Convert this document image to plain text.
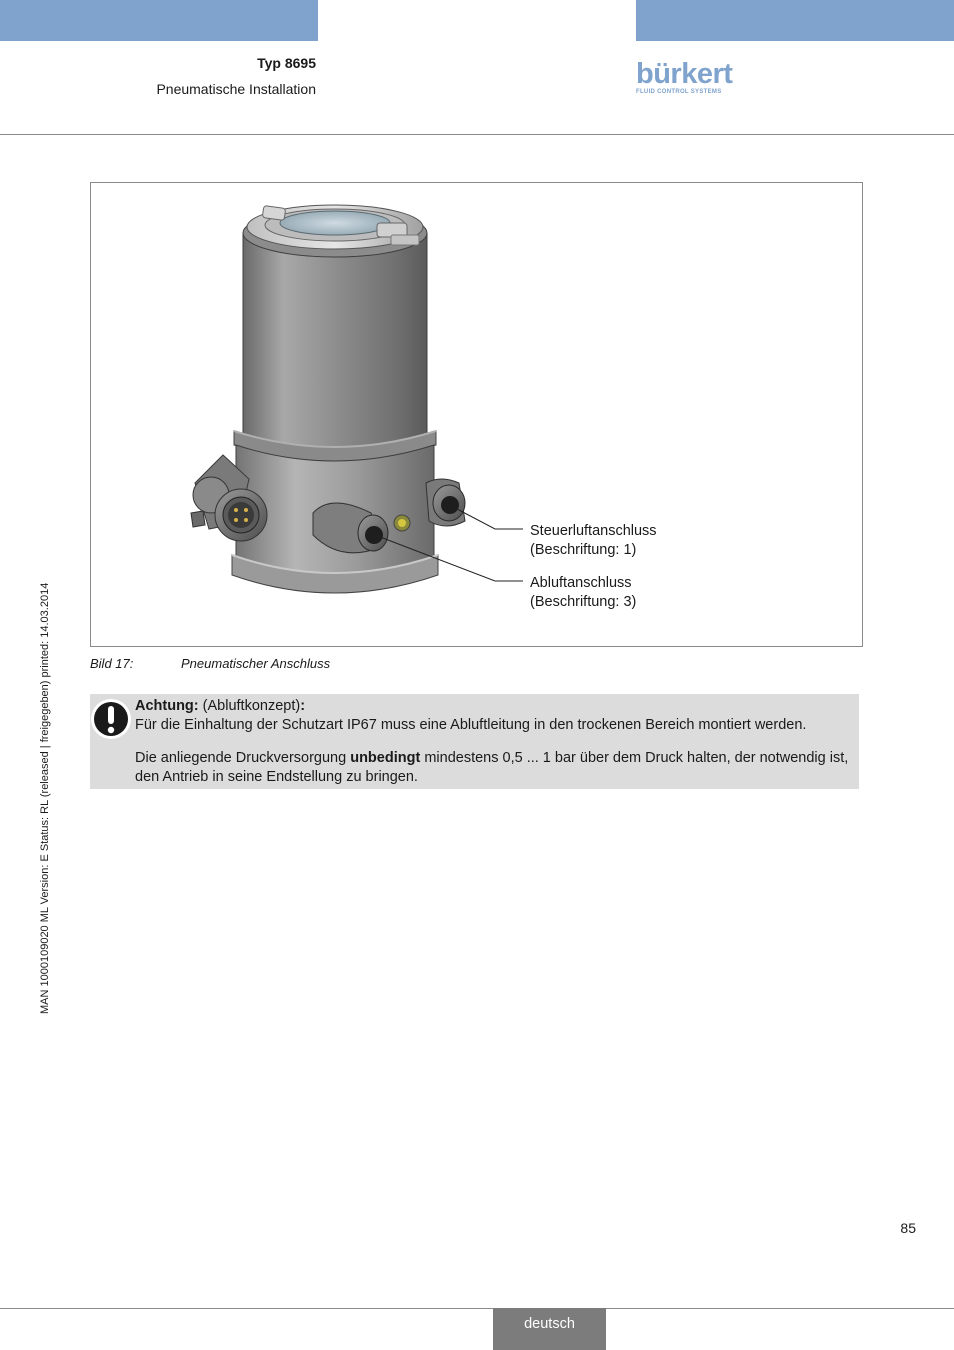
Typ 8695
Pneumatische Installation	bürkert
FLUID CONTROL SYSTEMS
MAN 1000109020 ML Version: E Status: RL (released | freigegeben) printed: 14.03.2014
Steuerluftanschluss
(Beschriftung: 1)
Abluftanschluss
(Beschriftung: 3)
Bild 17:	Pneumatischer Anschluss

Achtung: (Abluftkonzept):
Für die Einhaltung der Schutzart IP67 muss eine Abluftleitung in den trockenen Bereich montiert werden.

Die anliegende Druckversorgung unbedingt mindestens 0,5 ... 1 bar über dem Druck halten, der notwendig ist, den Antrieb in seine Endstellung zu bringen.

85
deutsch
